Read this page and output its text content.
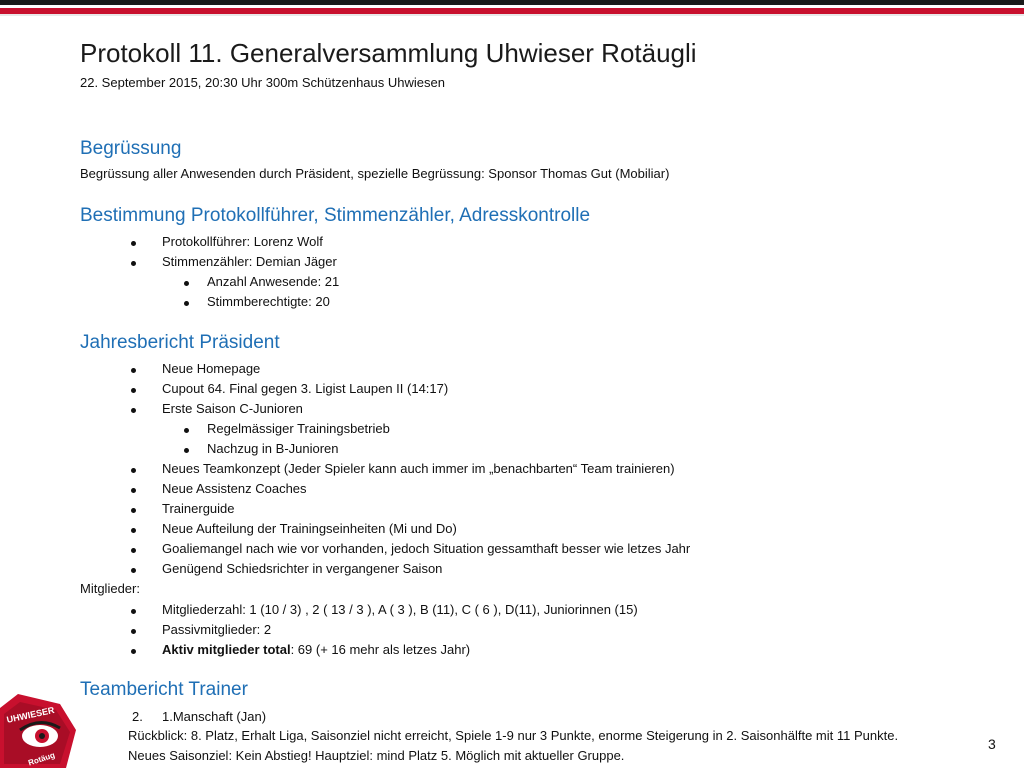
Protokoll 11. Generalversammlung Uhwieser Rotäugli
22. September 2015, 20:30 Uhr 300m Schützenhaus Uhwiesen
Begrüssung
Begrüssung aller Anwesenden durch Präsident, spezielle Begrüssung: Sponsor Thomas Gut (Mobiliar)
Bestimmung Protokollführer, Stimmenzähler, Adresskontrolle
Protokollführer: Lorenz Wolf
Stimmenzähler: Demian Jäger
Anzahl Anwesende: 21
Stimmberechtigte: 20
Jahresbericht Präsident
Neue Homepage
Cupout 64. Final gegen 3. Ligist Laupen II (14:17)
Erste Saison C-Junioren
Regelmässiger Trainingsbetrieb
Nachzug in B-Junioren
Neues Teamkonzept (Jeder Spieler kann auch immer im „benachbarten“ Team trainieren)
Neue Assistenz Coaches
Trainerguide
Neue Aufteilung der Trainingseinheiten (Mi und Do)
Goaliemangel nach wie vor vorhanden, jedoch Situation gessamthaft besser wie letzes Jahr
Genügend Schiedsrichter in vergangener Saison
Mitglieder:
Mitgliederzahl: 1 (10 / 3) , 2 ( 13 / 3 ), A ( 3 ), B (11), C ( 6 ), D(11), Juniorinnen (15)
Passivmitglieder: 2
Aktiv mitglieder total: 69 (+ 16 mehr als letzes Jahr)
Teambericht Trainer
2. 1.Manschaft (Jan)
Rückblick: 8. Platz, Erhalt Liga, Saisonziel nicht erreicht, Spiele 1-9 nur 3 Punkte, enorme Steigerung in 2. Saisonhälfte mit 11 Punkte.
Neues Saisonziel: Kein Abstieg! Hauptziel: mind Platz 5. Möglich mit aktueller Gruppe.
3
UHWIESER
Rotäug
